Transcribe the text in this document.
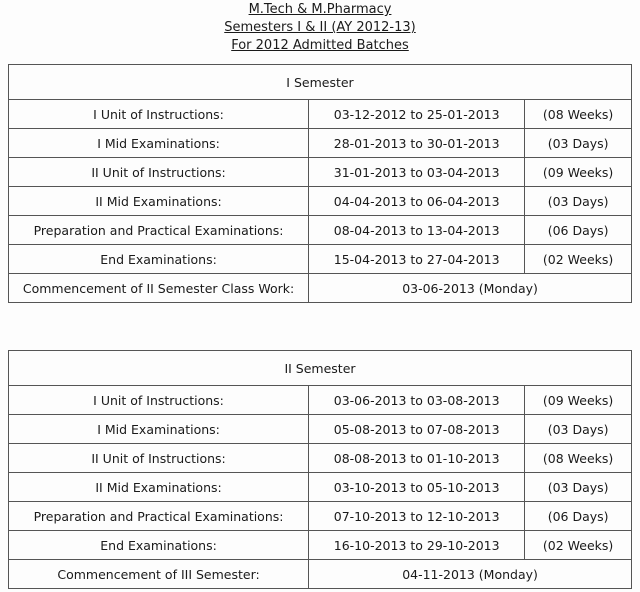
M.Tech & M.Pharmacy
Semesters I & II (AY 2012-13)
For 2012 Admitted Batches
I Semester		
I Unit of Instructions:	03-12-2012 to 25-01-2013	(08 Weeks)
I Mid Examinations:	28-01-2013 to 30-01-2013	(03 Days)
II Unit of Instructions:	31-01-2013 to 03-04-2013	(09 Weeks)
II Mid Examinations:	04-04-2013 to 06-04-2013	(03 Days)
Preparation and Practical Examinations:	08-04-2013 to 13-04-2013	(06 Days)
End Examinations:	15-04-2013 to 27-04-2013	(02 Weeks)
Commencement of II Semester Class Work:	03-06-2013 (Monday)	
II Semester		
I Unit of Instructions:	03-06-2013 to 03-08-2013	(09 Weeks)
I Mid Examinations:	05-08-2013 to 07-08-2013	(03 Days)
II Unit of Instructions:	08-08-2013 to 01-10-2013	(08 Weeks)
II Mid Examinations:	03-10-2013 to 05-10-2013	(03 Days)
Preparation and Practical Examinations:	07-10-2013 to 12-10-2013	(06 Days)
End Examinations:	16-10-2013 to 29-10-2013	(02 Weeks)
Commencement of III Semester:	04-11-2013 (Monday)	
